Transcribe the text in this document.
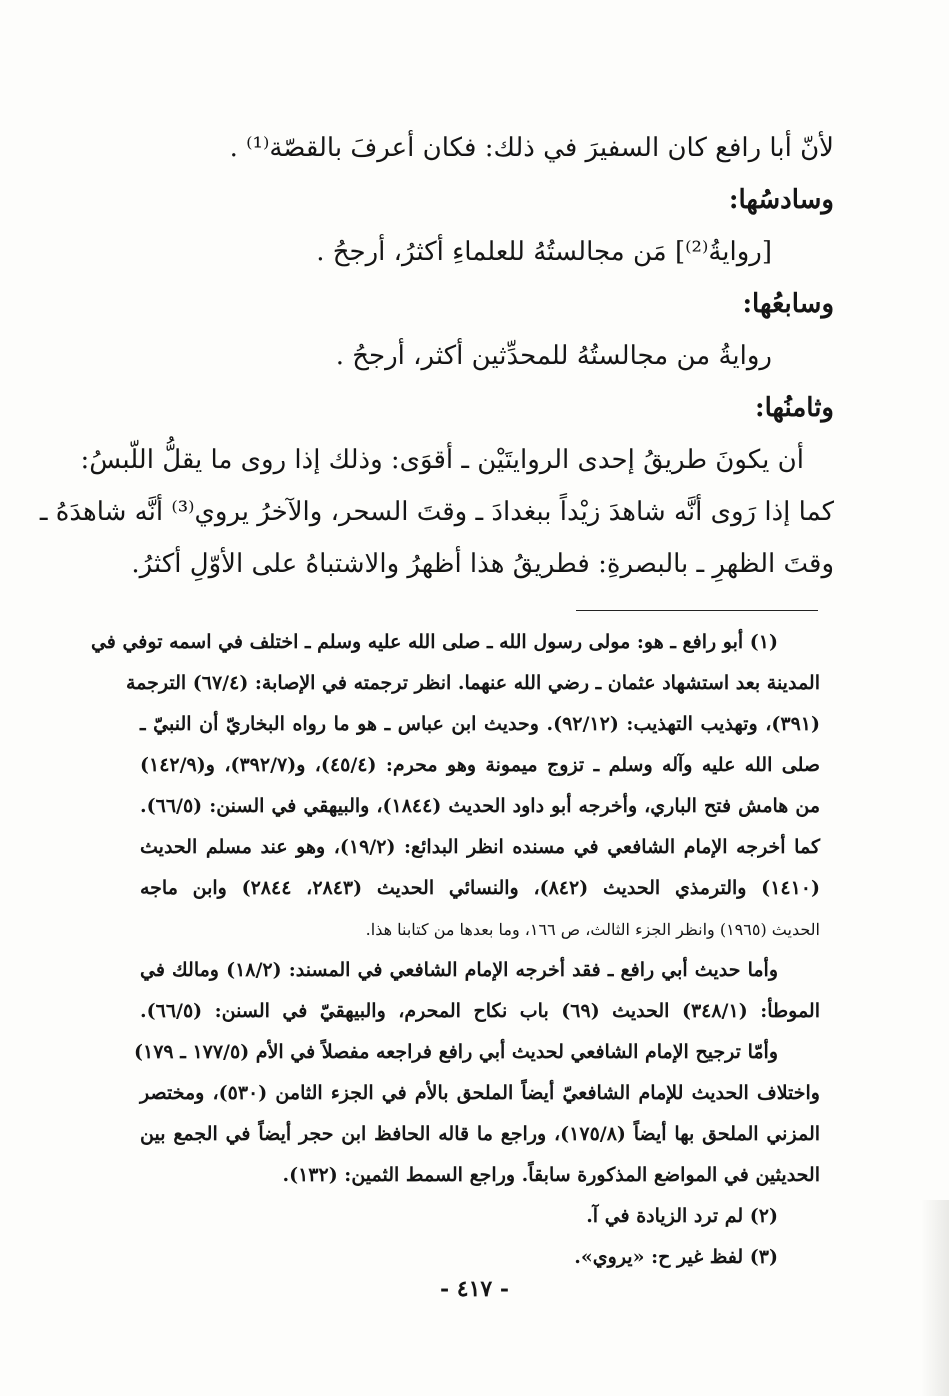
لأنّ أبا رافع كان السفيرَ في ذلك: فكان أعرفَ بالقصّة⁽¹⁾ .
وسادسُها:
[روايةُ⁽²⁾] مَن مجالستُهُ للعلماءِ أكثرُ، أرجحُ .
وسابعُها:
روايةُ من مجالستُهُ للمحدِّثين أكثر، أرجحُ .
وثامنُها:
أن يكونَ طريقُ إحدى الروايتَيْن ـ أقوَى: وذلك إذا روى ما يقلُّ اللّبسُ:
كما إذا رَوى أنَّه شاهدَ زيْداً ببغدادَ ـ وقتَ السحر، والآخرُ يروي⁽³⁾ أنَّه شاهدَهُ ـ
وقتَ الظهرِ ـ بالبصرةِ: فطريقُ هذا أظهرُ والاشتباهُ على الأوّلِ أكثرُ.
(١) أبو رافع ـ هو: مولى رسول الله ـ صلى الله عليه وسلم ـ اختلف في اسمه توفي في
المدينة بعد استشهاد عثمان ـ رضي الله عنهما. انظر ترجمته في الإصابة: (٦٧/٤) الترجمة
(٣٩١)، وتهذيب التهذيب: (٩٢/١٢). وحديث ابن عباس ـ هو ما رواه البخاريّ أن النبيّ ـ
صلى الله عليه وآله وسلم ـ تزوج ميمونة وهو محرم: (٤٥/٤)، و(٣٩٢/٧)، و(١٤٢/٩)
من هامش فتح الباري، وأخرجه أبو داود الحديث (١٨٤٤)، والبيهقي في السنن: (٦٦/٥).
كما أخرجه الإمام الشافعي في مسنده انظر البدائع: (١٩/٢)، وهو عند مسلم الحديث
(١٤١٠) والترمذي الحديث (٨٤٢)، والنسائي الحديث (٢٨٤٣، ٢٨٤٤) وابن ماجه
الحديث (١٩٦٥) وانظر الجزء الثالث، ص ١٦٦، وما بعدها من كتابنا هذا.
وأما حديث أبي رافع ـ فقد أخرجه الإمام الشافعي في المسند: (١٨/٢) ومالك في
الموطأ: (٣٤٨/١) الحديث (٦٩) باب نكاح المحرم، والبيهقيّ في السنن: (٦٦/٥).
وأمّا ترجيح الإمام الشافعي لحديث أبي رافع فراجعه مفصلاً في الأم (١٧٧/٥ ـ ١٧٩)
واختلاف الحديث للإمام الشافعيّ أيضاً الملحق بالأم في الجزء الثامن (٥٣٠)، ومختصر
المزني الملحق بها أيضاً (١٧٥/٨)، وراجع ما قاله الحافظ ابن حجر أيضاً في الجمع بين
الحديثين في المواضع المذكورة سابقاً. وراجع السمط الثمين: (١٣٢).
(٢) لم ترد الزيادة في آ.
(٣) لفظ غير ح: «يروي».
- ٤١٧ -
